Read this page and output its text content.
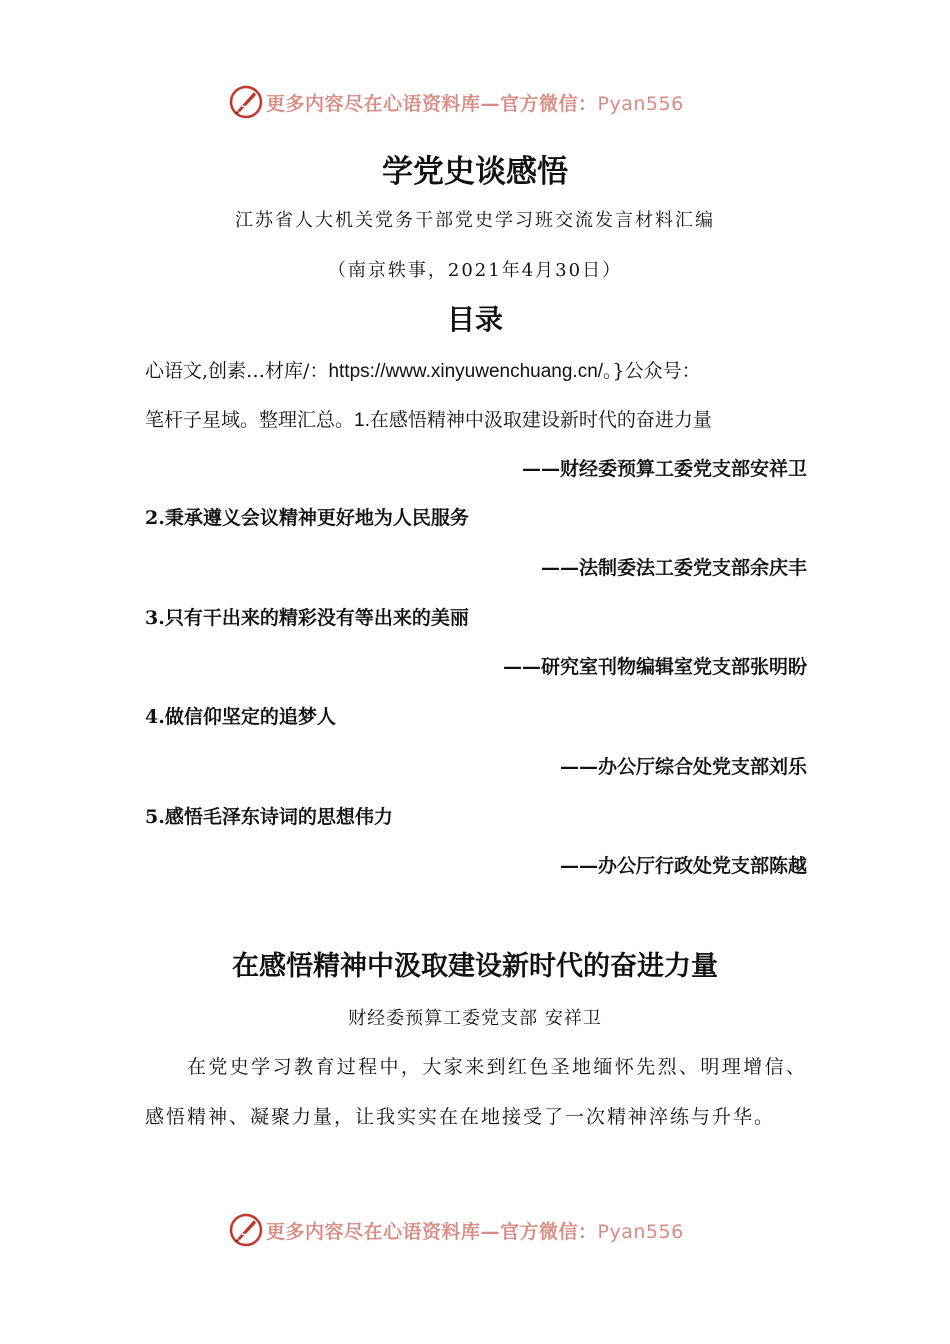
更多内容尽在心语资料库—官方微信：Pyan556
学党史谈感悟
江苏省人大机关党务干部党史学习班交流发言材料汇编
（南京轶事，2021年4月30日）
目录
心语文,创素…材库/：https://www.xinyuwenchuang.cn/。}公众号：
笔杆子星域。整理汇总。1.在感悟精神中汲取建设新时代的奋进力量
——财经委预算工委党支部安祥卫
2.秉承遵义会议精神更好地为人民服务
——法制委法工委党支部余庆丰
3.只有干出来的精彩没有等出来的美丽
——研究室刊物编辑室党支部张明盼
4.做信仰坚定的追梦人
——办公厅综合处党支部刘乐
5.感悟毛泽东诗词的思想伟力
——办公厅行政处党支部陈越
在感悟精神中汲取建设新时代的奋进力量
财经委预算工委党支部 安祥卫
在党史学习教育过程中，大家来到红色圣地缅怀先烈、明理增信、感悟精神、凝聚力量，让我实实在在地接受了一次精神淬练与升华。
更多内容尽在心语资料库—官方微信：Pyan556
